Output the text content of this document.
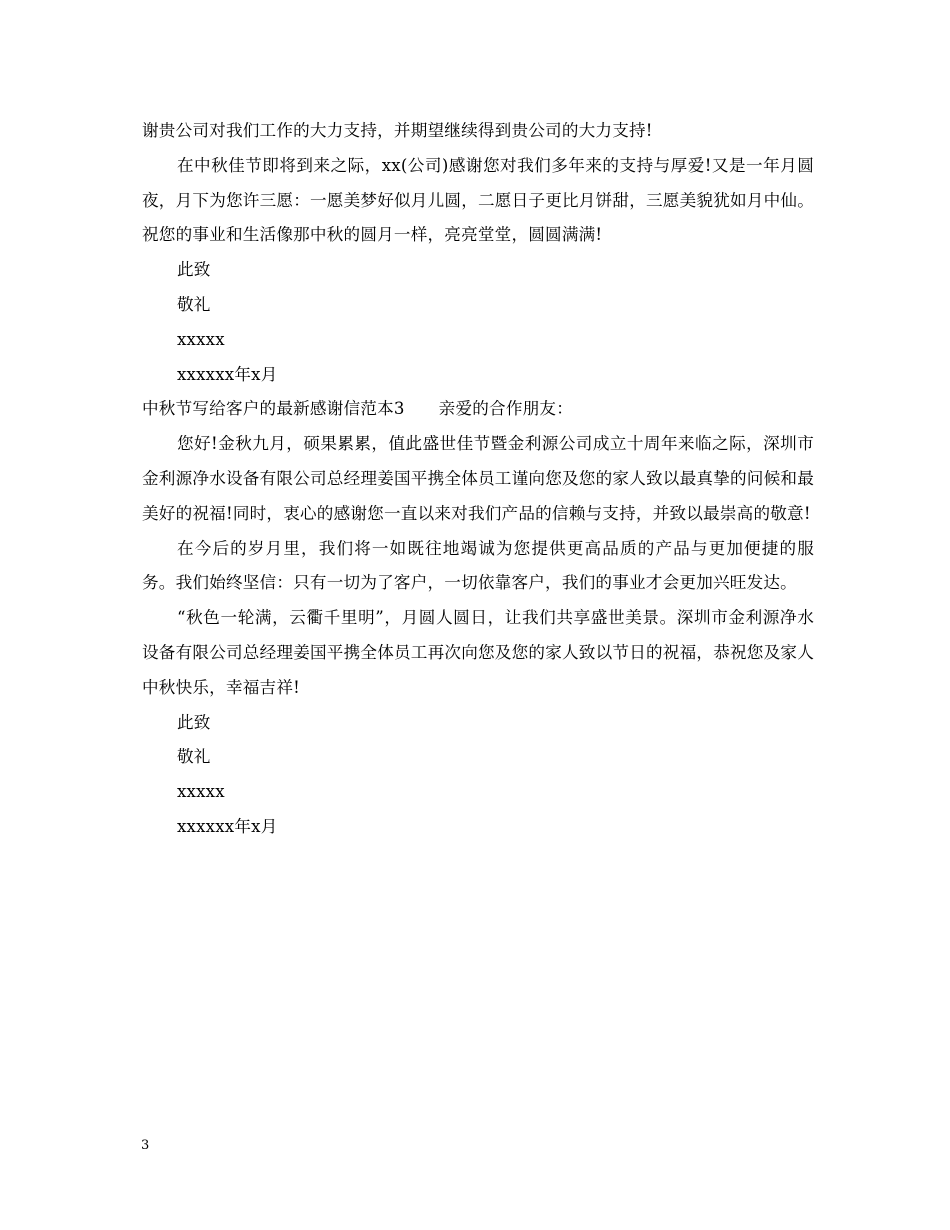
谢贵公司对我们工作的大力支持，并期望继续得到贵公司的大力支持!

在中秋佳节即将到来之际，xx(公司)感谢您对我们多年来的支持与厚爱!又是一年月圆夜，月下为您许三愿：一愿美梦好似月儿圆，二愿日子更比月饼甜，三愿美貌犹如月中仙。祝您的事业和生活像那中秋的圆月一样，亮亮堂堂，圆圆满满!

此致

敬礼

xxxxx

xxxxxx年x月

中秋节写给客户的最新感谢信范本3 亲爱的合作朋友：

您好!金秋九月，硕果累累，值此盛世佳节暨金利源公司成立十周年来临之际，深圳市金利源净水设备有限公司总经理姜国平携全体员工谨向您及您的家人致以最真挚的问候和最美好的祝福!同时，衷心的感谢您一直以来对我们产品的信赖与支持，并致以最崇高的敬意!

在今后的岁月里，我们将一如既往地竭诚为您提供更高品质的产品与更加便捷的服务。我们始终坚信：只有一切为了客户，一切依靠客户，我们的事业才会更加兴旺发达。

“秋色一轮满，云衢千里明”，月圆人圆日，让我们共享盛世美景。深圳市金利源净水设备有限公司总经理姜国平携全体员工再次向您及您的家人致以节日的祝福，恭祝您及家人中秋快乐，幸福吉祥!

此致

敬礼

xxxxx

xxxxxx年x月

3
